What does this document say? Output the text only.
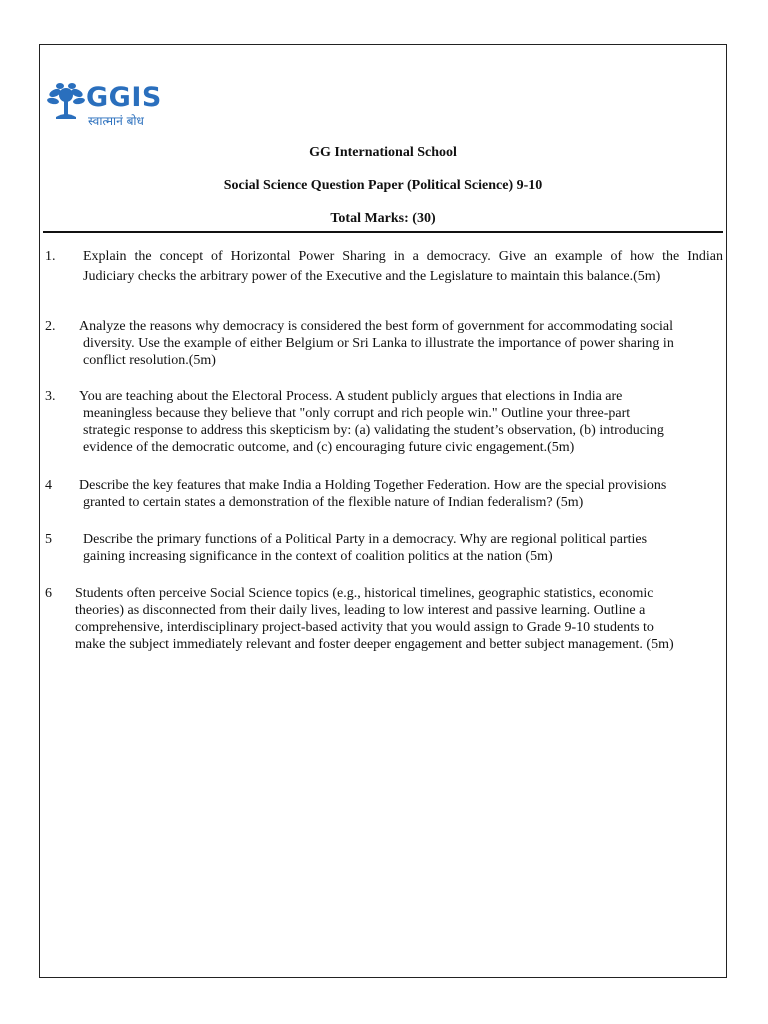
GGIS
स्वात्मानं बोध
GG International School
Social Science Question Paper (Political Science) 9-10
Total Marks: (30)
1.	Explain the concept of Horizontal Power Sharing in a democracy. Give an example of how the Indian
Judiciary checks the arbitrary power of the Executive and the Legislature to maintain this balance.(5m)
2.	Analyze the reasons why democracy is considered the best form of government for accommodating social
diversity. Use the example of either Belgium or Sri Lanka to illustrate the importance of power sharing in
conflict resolution.(5m)
3.	You are teaching about the Electoral Process. A student publicly argues that elections in India are
meaningless because they believe that "only corrupt and rich people win." Outline your three-part
strategic response to address this skepticism by: (a) validating the student’s observation, (b) introducing
evidence of the democratic outcome, and (c) encouraging future civic engagement.(5m)
4	Describe the key features that make India a Holding Together Federation. How are the special provisions
granted to certain states a demonstration of the flexible nature of Indian federalism? (5m)
5	Describe the primary functions of a Political Party in a democracy. Why are regional political parties
gaining increasing significance in the context of coalition politics at the nation (5m)
6	Students often perceive Social Science topics (e.g., historical timelines, geographic statistics, economic
theories) as disconnected from their daily lives, leading to low interest and passive learning. Outline a
comprehensive, interdisciplinary project-based activity that you would assign to Grade 9-10 students to
make the subject immediately relevant and foster deeper engagement and better subject management. (5m)
